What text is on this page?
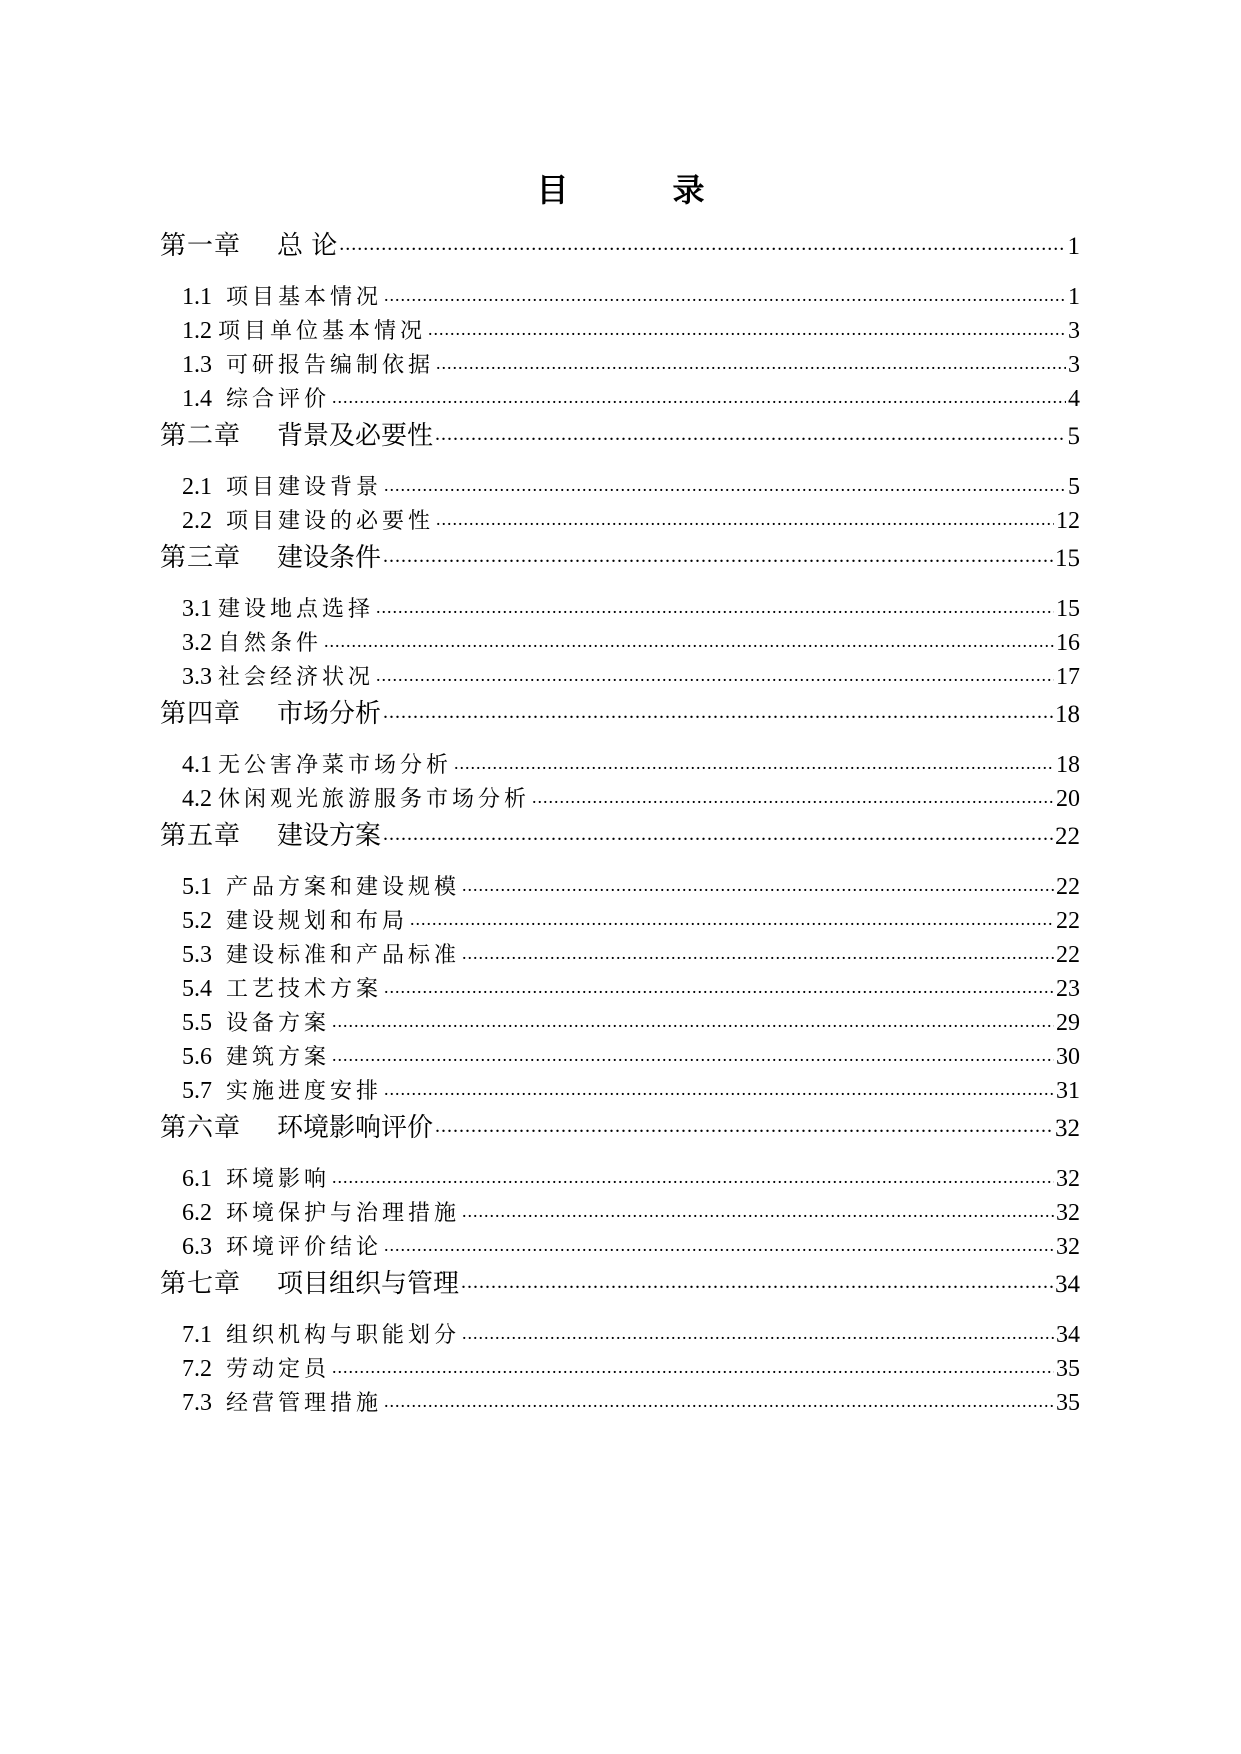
目　录
第一章 总 论 .....	1
1.1 项目基本情况 .....	1
1.2 项目单位基本情况 .....	3
1.3 可研报告编制依据 .....	3
1.4 综合评价 .....	4
第二章 背景及必要性 .....	5
2.1 项目建设背景 .....	5
2.2 项目建设的必要性 .....	12
第三章 建设条件 .....	15
3.1 建设地点选择 .....	15
3.2 自然条件 .....	16
3.3 社会经济状况 .....	17
第四章 市场分析 .....	18
4.1 无公害净菜市场分析 .....	18
4.2 休闲观光旅游服务市场分析 .....	20
第五章 建设方案 .....	22
5.1 产品方案和建设规模 .....	22
5.2 建设规划和布局 .....	22
5.3 建设标准和产品标准 .....	22
5.4 工艺技术方案 .....	23
5.5 设备方案 .....	29
5.6 建筑方案 .....	30
5.7 实施进度安排 .....	31
第六章 环境影响评价 .....	32
6.1 环境影响 .....	32
6.2 环境保护与治理措施 .....	32
6.3 环境评价结论 .....	32
第七章 项目组织与管理 .....	34
7.1 组织机构与职能划分 .....	34
7.2 劳动定员 .....	35
7.3 经营管理措施 .....	35
